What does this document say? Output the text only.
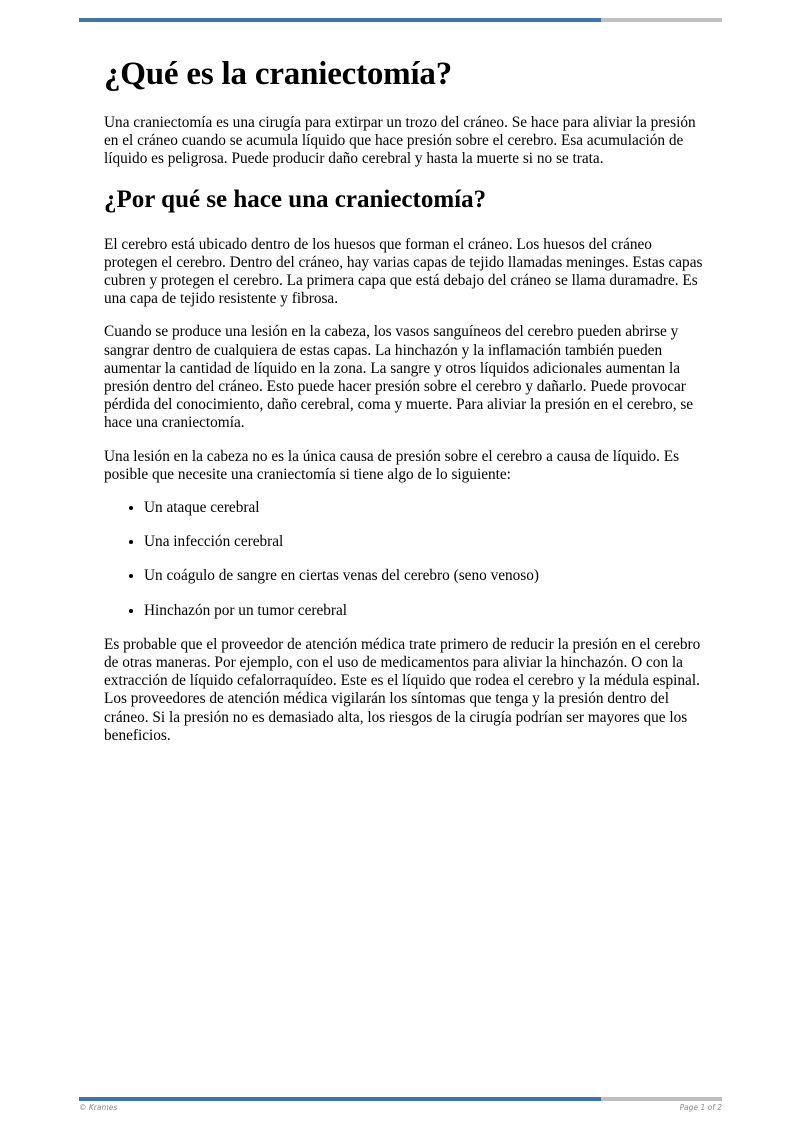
¿Qué es la craniectomía?

Una craniectomía es una cirugía para extirpar un trozo del cráneo. Se hace para aliviar la presión en el cráneo cuando se acumula líquido que hace presión sobre el cerebro. Esa acumulación de líquido es peligrosa. Puede producir daño cerebral y hasta la muerte si no se trata.

¿Por qué se hace una craniectomía?

El cerebro está ubicado dentro de los huesos que forman el cráneo. Los huesos del cráneo protegen el cerebro. Dentro del cráneo, hay varias capas de tejido llamadas meninges. Estas capas cubren y protegen el cerebro. La primera capa que está debajo del cráneo se llama duramadre. Es una capa de tejido resistente y fibrosa.

Cuando se produce una lesión en la cabeza, los vasos sanguíneos del cerebro pueden abrirse y sangrar dentro de cualquiera de estas capas. La hinchazón y la inflamación también pueden aumentar la cantidad de líquido en la zona. La sangre y otros líquidos adicionales aumentan la presión dentro del cráneo. Esto puede hacer presión sobre el cerebro y dañarlo. Puede provocar pérdida del conocimiento, daño cerebral, coma y muerte. Para aliviar la presión en el cerebro, se hace una craniectomía.

Una lesión en la cabeza no es la única causa de presión sobre el cerebro a causa de líquido. Es posible que necesite una craniectomía si tiene algo de lo siguiente:

• Un ataque cerebral
• Una infección cerebral
• Un coágulo de sangre en ciertas venas del cerebro (seno venoso)
• Hinchazón por un tumor cerebral

Es probable que el proveedor de atención médica trate primero de reducir la presión en el cerebro de otras maneras. Por ejemplo, con el uso de medicamentos para aliviar la hinchazón. O con la extracción de líquido cefalorraquídeo. Este es el líquido que rodea el cerebro y la médula espinal. Los proveedores de atención médica vigilarán los síntomas que tenga y la presión dentro del cráneo. Si la presión no es demasiado alta, los riesgos de la cirugía podrían ser mayores que los beneficios.

© Krames	Page 1 of 2
